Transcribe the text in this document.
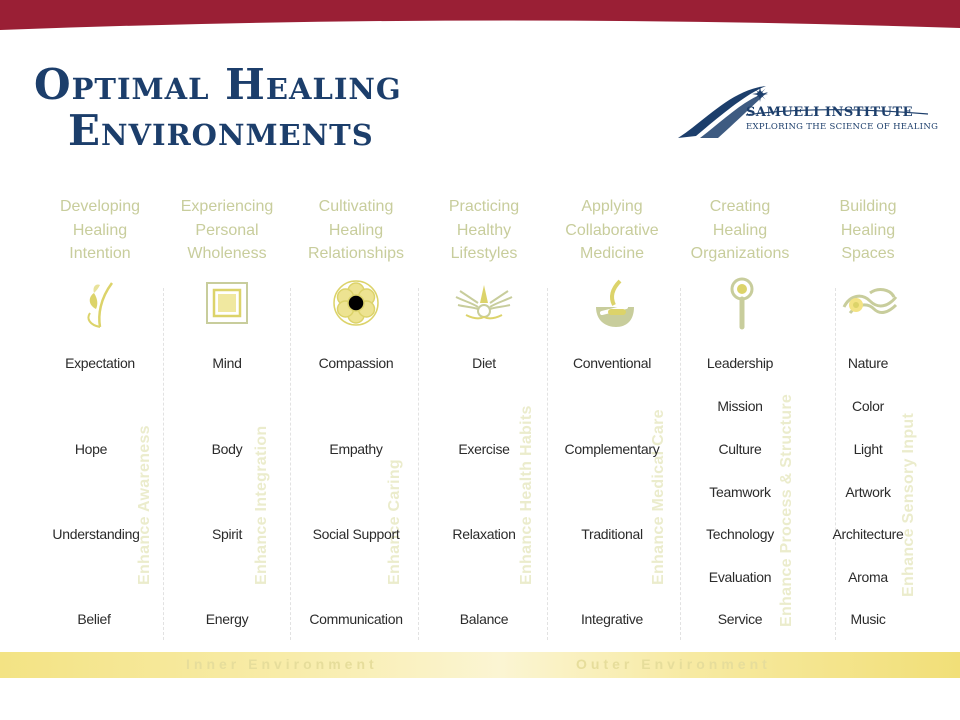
Optimal Healing
Environments	SAMUELI INSTITUTE
EXPLORING THE SCIENCE OF HEALING
Developing
Healing
Intention
Enhance Awareness
Expectation
Hope
Understanding
Belief
Experiencing
Personal
Wholeness
Enhance Integration
Mind
Body
Spirit
Energy
Cultivating
Healing
Relationships
Enhance Caring
Compassion
Empathy
Social Support
Communication
Practicing
Healthy
Lifestyles
Enhance Health Habits
Diet
Exercise
Relaxation
Balance
Applying
Collaborative
Medicine
Enhance Medical Care
Conventional
Complementary
Traditional
Integrative
Creating
Healing
Organizations
Enhance Process & Structure
Leadership
Mission
Culture
Teamwork
Technology
Evaluation
Service
Building
Healing
Spaces
Enhance Sensory Input
Nature
Color
Light
Artwork
Architecture
Aroma
Music
Inner Environment	Outer Environment
